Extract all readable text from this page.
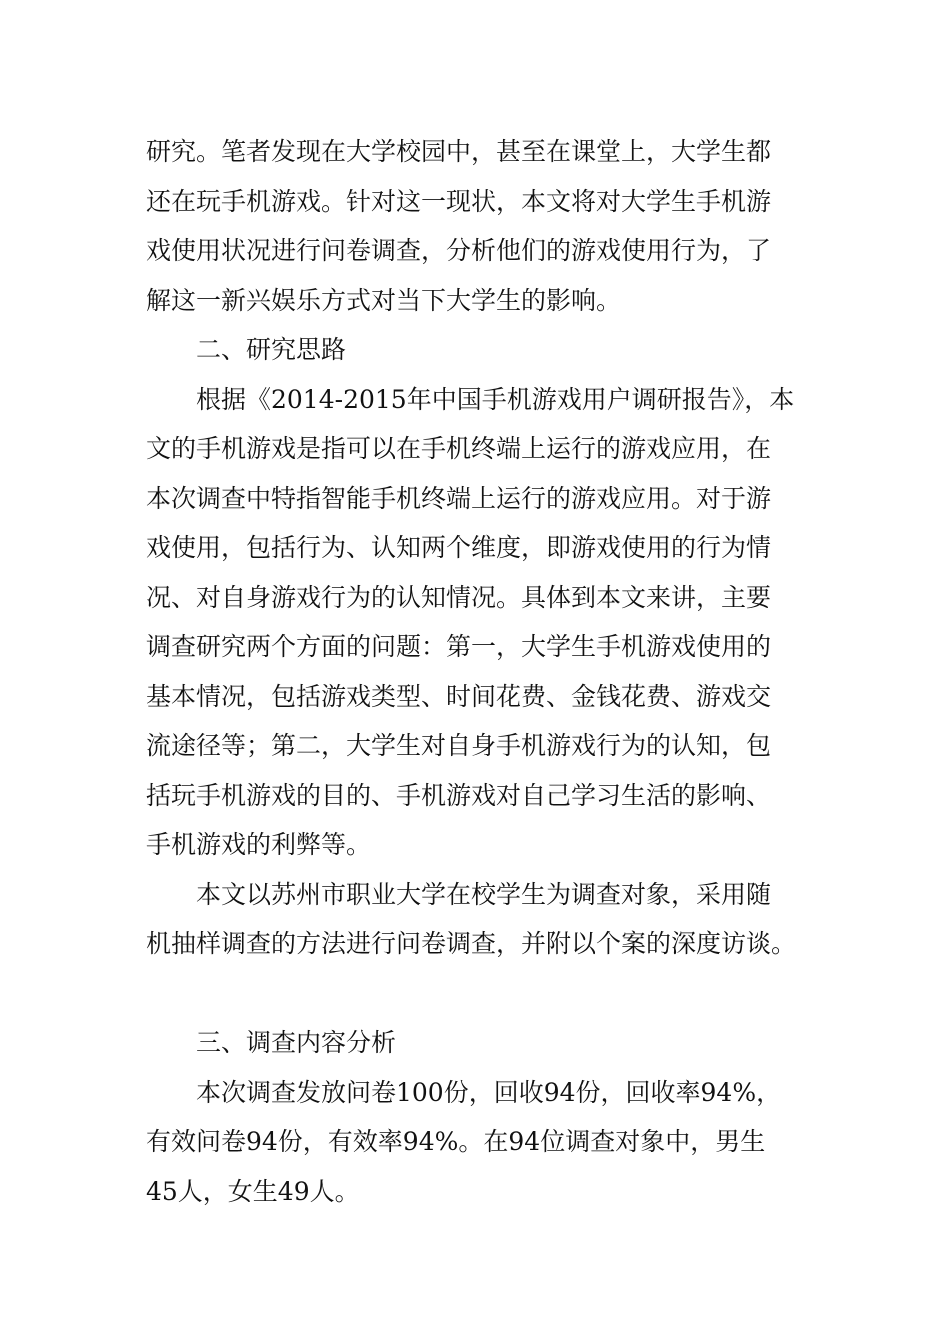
研究。笔者发现在大学校园中，甚至在课堂上，大学生都
还在玩手机游戏。针对这一现状，本文将对大学生手机游
戏使用状况进行问卷调查，分析他们的游戏使用行为，了
解这一新兴娱乐方式对当下大学生的影响。

二、研究思路

根据《2014-2015年中国手机游戏用户调研报告》，本
文的手机游戏是指可以在手机终端上运行的游戏应用，在
本次调查中特指智能手机终端上运行的游戏应用。对于游
戏使用，包括行为、认知两个维度，即游戏使用的行为情
况、对自身游戏行为的认知情况。具体到本文来讲，主要
调查研究两个方面的问题：第一，大学生手机游戏使用的
基本情况，包括游戏类型、时间花费、金钱花费、游戏交
流途径等；第二，大学生对自身手机游戏行为的认知，包
括玩手机游戏的目的、手机游戏对自己学习生活的影响、
手机游戏的利弊等。

本文以苏州市职业大学在校学生为调查对象，采用随
机抽样调查的方法进行问卷调查，并附以个案的深度访谈。

三、调查内容分析

本次调查发放问卷100份，回收94份，回收率94%，
有效问卷94份，有效率94%。在94位调查对象中，男生
45人，女生49人。
